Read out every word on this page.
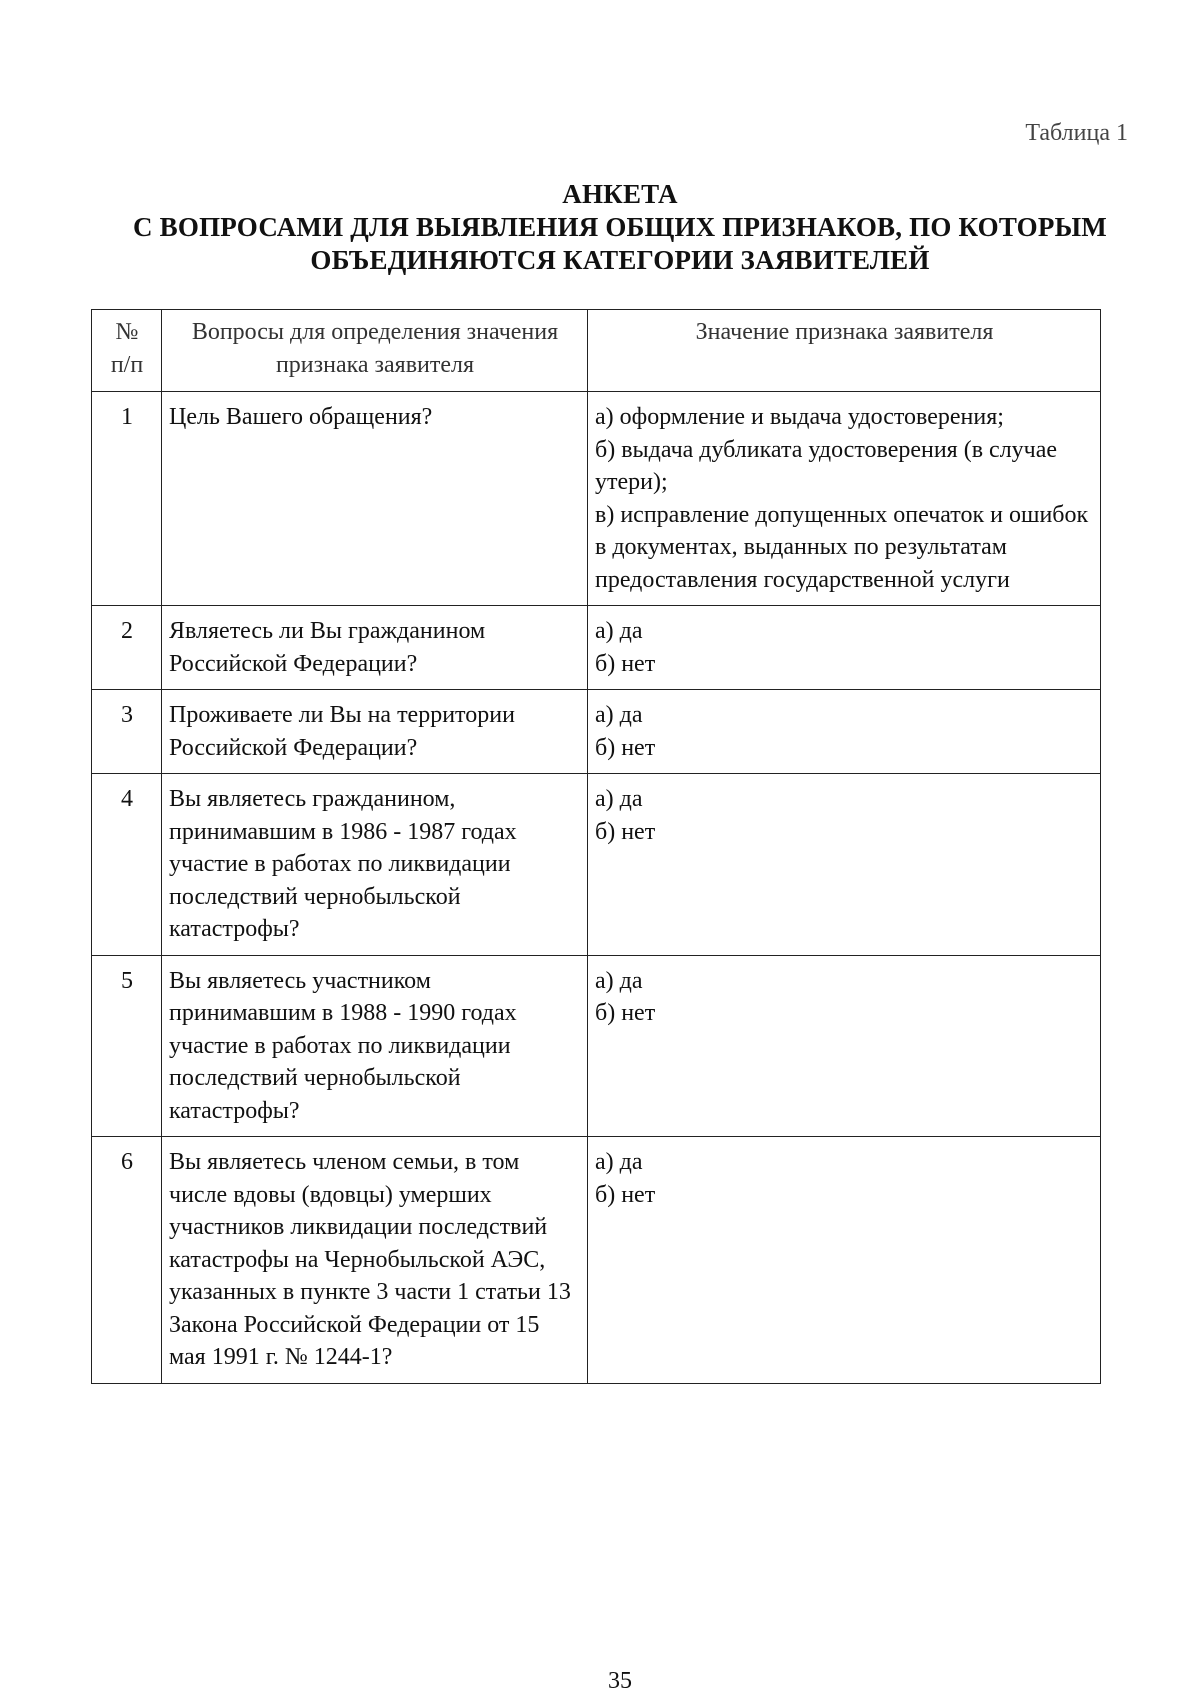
Таблица 1
АНКЕТА
С ВОПРОСАМИ ДЛЯ ВЫЯВЛЕНИЯ ОБЩИХ ПРИЗНАКОВ, ПО КОТОРЫМ
ОБЪЕДИНЯЮТСЯ КАТЕГОРИИ ЗАЯВИТЕЛЕЙ
№
п/п	Вопросы для определения значения признака заявителя	Значение признака заявителя
1	Цель Вашего обращения?	а) оформление и выдача удостоверения;
б) выдача дубликата удостоверения (в случае утери);
в) исправление допущенных опечаток и ошибок в документах, выданных по результатам предоставления государственной услуги

2	Являетесь ли Вы гражданином Российской Федерации?	а) да
б) нет

3	Проживаете ли Вы на территории Российской Федерации?	а) да
б) нет

4	Вы являетесь гражданином, принимавшим в 1986 - 1987 годах участие в работах по ликвидации последствий чернобыльской катастрофы?	а) да
б) нет

5	Вы являетесь участником принимавшим в 1988 - 1990 годах участие в работах по ликвидации последствий чернобыльской катастрофы?	а) да
б) нет

6	Вы являетесь членом семьи, в том числе вдовы (вдовцы) умерших участников ликвидации последствий катастрофы на Чернобыльской АЭС, указанных в пункте 3 части 1 статьи 13 Закона Российской Федерации от 15 мая 1991 г. № 1244-1?	а) да
б) нет
35
